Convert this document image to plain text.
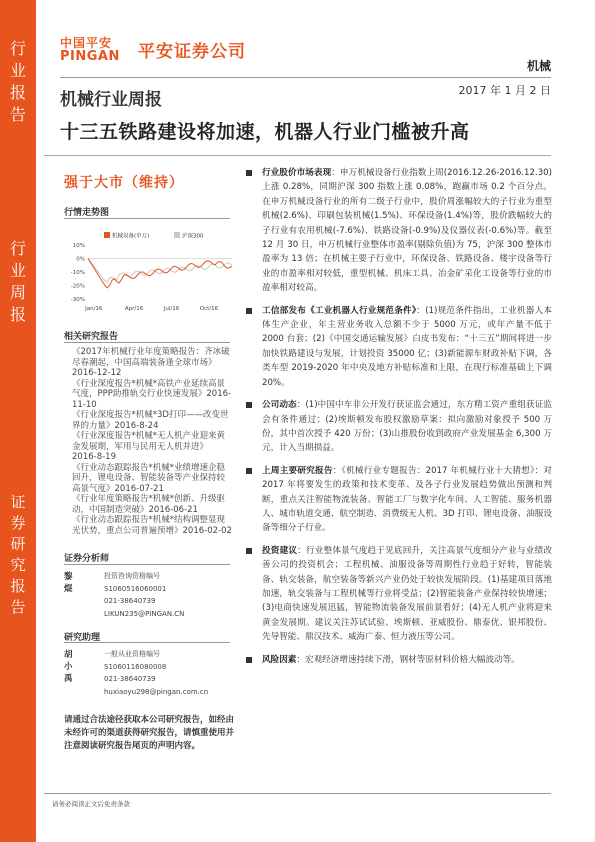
行
业
报
告
行
业
周
报
证
券
研
究
报
告
中国平安
PINGAN 平安证券公司
机械
机械行业周报	2017 年 1 月 2 日
十三五铁路建设将加速，机器人行业门槛被升高
强于大市（维持）
行情走势图
机械设备(申万)	沪深300
10%
0%
-10%
-20%
-30%
Jan/16	Apr/16	Jul/16	Oct/16
相关研究报告
《2017年机械行业年度策略报告：齐冰破尽春潮起，中国高端装备逢全球市场》2016-12-12
《行业深度报告*机械*高铁产业延续高景气度，PPP助推轨交行业快速发展》2016-11-10
《行业深度报告*机械*3D打印——改变世界的力量》2016-8-24
《行业深度报告*机械*无人机产业迎来黄金发展期，军用与民用无人机并进》2016-8-19
《行业动态跟踪报告*机械*业绩增速企稳回升，锂电设备、智能装备等产业保持较高景气度》2016-07-21
《行业年度策略报告*机械*创新、升级驱动，中国制造突破》2016-06-21
《行业动态跟踪报告*机械*结构调整显现光伏势，重点公司普遍预增》2016-02-02
证券分析师
黎焜
投资咨询资格编号
S1060516060001
021-38640739
LIKUN235@PINGAN.CN
研究助理
胡小禹
一般从业资格编号
S1060116080008
021-38640739
huxiaoyu298@pingan.com.cn
请通过合法途径获取本公司研究报告，如经由未经许可的渠道获得研究报告，请慎重使用并注意阅读研究报告尾页的声明内容。
请务必阅读正文后免责条款
行业股价市场表现：申万机械设备行业指数上周(2016.12.26-2016.12.30)上涨 0.28%，同期沪深 300 指数上涨 0.08%，跑赢市场 0.2 个百分点。在申万机械设备行业的所有二级子行业中，股价周涨幅较大的子行业为重型机械(2.6%)、印刷包装机械(1.5%)、环保设备(1.4%)等，股价跌幅较大的子行业有农用机械(-7.6%)、铁路设备(-0.9%)及仪器仪表(-0.6%)等。截至 12 月 30 日，申万机械行业整体市盈率(剔除负值)为 75，沪深 300 整体市盈率为 13 倍；在机械主要子行业中，环保设备、铁路设备、楼宇设备等行业的市盈率相对较低，重型机械、机床工具、冶金矿采化工设备等行业的市盈率相对较高。
工信部发布《工业机器人行业规范条件》：(1)规范条件指出，工业机器人本体生产企业，年主营业务收入总额不少于 5000 万元，或年产量不低于 2000 台套；(2)《中国交通运输发展》白皮书发布：“十三五”期间将进一步加快铁路建设与发展，计划投资 35000 亿；(3)新能源车财政补贴下调，各类车型 2019-2020 年中央及地方补贴标准和上限，在现行标准基础上下调20%。
公司动态：(1)中国中车非公开发行获证监会通过，东方精工资产重组获证监会有条件通过；(2)埃斯顿发布股权激励草案：拟向激励对象授予 500 万份，其中首次授予 420 万份；(3)山推股份收到政府产业发展基金 6,300 万元，计入当期损益。
上周主要研究报告：《机械行业专题报告：2017 年机械行业十大猜想》：对 2017 年将要发生的政策和技术变革、及各子行业发展趋势做出预测和判断，重点关注智能物流装备、智能工厂与数字化车间、人工智能、服务机器人、城市轨道交通、航空制造、消费级无人机、3D 打印、锂电设备、油服设备等细分子行业。
投资建议：行业整体景气度趋于见底回升，关注高景气度细分产业与业绩改善公司的投资机会；工程机械、油服设备等周期性行业趋于好转，智能装备、轨交装备，航空装备等新兴产业仍处于较快发展阶段。(1)基建项目落地加速，轨交装备与工程机械等行业将受益；(2)智能装备产业保持较快增速；(3)电商快速发展迅猛，智能物流装备发展前景看好；(4)无人机产业将迎来黄金发展期。建议关注苏试试验、埃斯顿、亚威股份、鼎泰优、银邦股份、先导智能、鼎汉技术、威海广泰、恒力液压等公司。
风险因素：宏观经济增速持续下滑，钢材等原材料价格大幅波动等。
